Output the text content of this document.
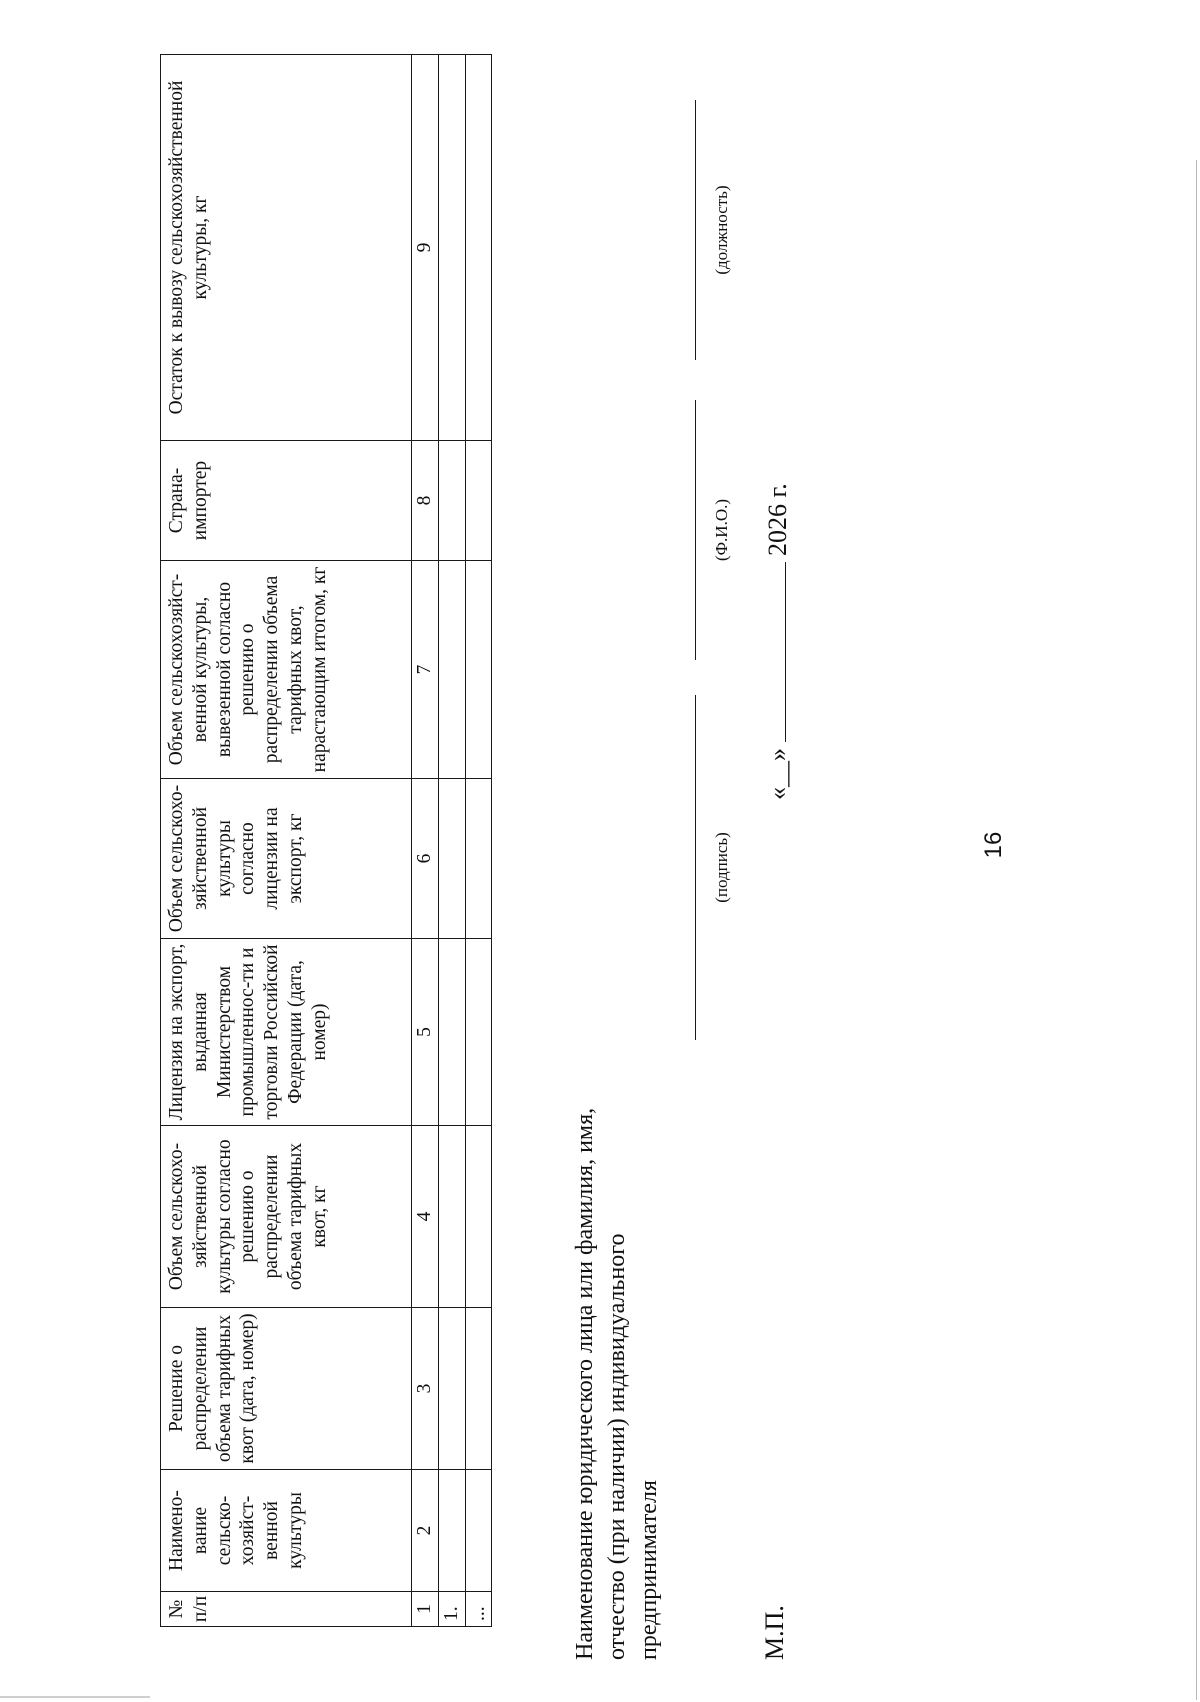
16
№ п/п	Наимено-вание сельско-хозяйст-венной культуры	Решение о распределении объема тарифных квот (дата, номер)	Объем сельскохо-зяйственной культуры согласно решению о распределении объема тарифных квот, кг	Лицензия на экспорт, выданная Министерством промышленнос-ти и торговли Российской Федерации (дата, номер)	Объем сельскохо-зяйственной культуры согласно лицензии на экспорт, кг	Объем сельскохозяйст-венной культуры, вывезенной согласно решению о распределении объема тарифных квот, нарастающим итогом, кг	Страна-импортер	Остаток к вывозу сельскохозяйственной культуры, кг
1	2	3	4	5	6	7	8	9
1.								
...									Наименование юридического лица или фамилия, имя, отчество (при наличии) индивидуального предпринимателя
(подпись)
(Ф.И.О.)
(должность)
М.П.
«__»2026 г.
